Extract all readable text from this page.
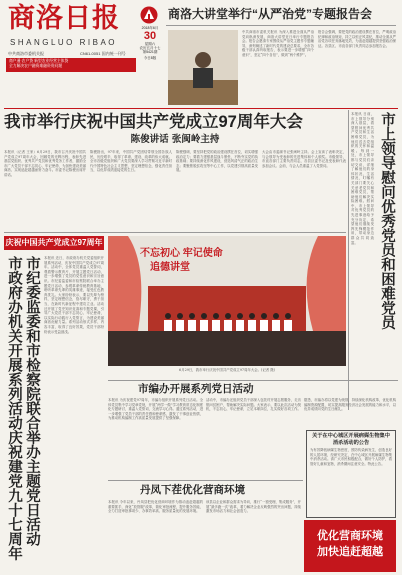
商洛日报
SHANGLUO RIBAO
2018年6月
30
星期六
农历五月十七
第5421期
今日8版
中共商洛市委机关报	CN61-0051 国内统一刊号
商户通·农户贷 新型农业经营主体贷
全力解决农户融资难融资贵问题
商洛大讲堂举行“从严治党”专题报告会
中共商洛市委机关报讯 为深入推进全面从严治党向纵深发展，商洛大讲堂近日举行专题报告会。报告会邀请专家围绕从严治党主题作专题辅导，深刻阐述了新时代党的建设总要求，全市各级干部认真听取报告，表示要进一步增强“四个意识”，坚定“四个自信”，做到“两个维护”。
报告会强调，要把党的政治建设摆在首位，严明政治纪律和政治规矩，持之以恒正风肃纪，推动全面从严治党各项任务落地见效，为追赶超越提供坚强政治保证。各县区、市直各部门负责同志参加报告会。
我市举行庆祝中国共产党成立97周年大会
陈俊讲话 张闽岭主持
本报讯（记者 王家）6月29日，我市召开庆祝中国共产党成立97周年大会，回顾党的光辉历程，表彰先进基层党组织、优秀共产党员和优秀党务工作者，激励全市广大党员干部不忘初心、牢记使命，为加快建设美丽商洛、实现追赶超越而努力奋斗。市委书记陈俊出席并讲话。
陈俊指出，97年来，中国共产党团结带领全国各族人民，历经艰辛，取得了革命、建设、改革的伟大成就。全市各级党组织和广大党员要深入学习贯彻习近平新时代中国特色社会主义思想，坚定理想信念，强化责任担当，以优异成绩迎接党的生日。
陈俊强调，要坚持把党的政治建设摆在首位，切实增强政治定力；要着力建强基层战斗堡垒，不断夯实党的执政基础；要持续深化作风建设，营造风清气正的政治生态；要聚焦脱贫攻坚等中心工作，以党建引领高质量发展。
大会由市委副书记张闽岭主持。会上宣读了表彰决定，与会领导为受表彰的先进集体和个人颁奖。市级领导，市直各部门主要负责同志，各县区委书记及受表彰代表参加会议。会前，与会人员重温了入党誓词。	市上领导慰问优秀党员和困难党员
本报讯 日前，市上领导分别深入基层，看望慰问优秀共产党员和生活困难党员，为他们送去党组织的关怀和温暖。每到一处，市上领导都与党员们亲切交谈，详细了解他们的身体状况、生活情况，叮嘱有关部门要关心关爱老党员和困难党员，帮助他们解决实际困难。慰问中，市上领导对优秀党员的先进事迹给予充分肯定，希望他们继续发挥先锋模范作用，带动身边群众共同致富。
庆祝中国共产党成立97周年
市政府办机关开展系列活动庆祝建党九十七周年 市纪委监委和市检察院联合举办主题党日活动 本报讯 近日，市政府办机关党委组织开展系列活动，庆祝中国共产党成立97周年。活动中，全体党员重温入党誓词，观看警示教育片，开展主题党日活动，进一步增强了党员的党性意识和宗旨意识。市纪委监委和市检察院联合举办主题党日活动，参观革命传统教育基地，聆听革命先辈的英雄事迹，接受红色教育洗礼。大家纷纷表示，要以先辈为榜样，坚定理想信念，恪尽职守，勇于担当，在新时代新征程中建功立业。活动还开展了党史知识竞赛和专题党课，引导广大党员干部不忘初心、牢记使命，以实际行动践行入党誓言，为建设美丽商洛贡献力量。系列活动形式多样、内容丰富，取得了良好效果，党员干部纷纷表示受益匪浅。
不忘初心 牢记使命
追德讲堂
6月29日，我市举行庆祝中国共产党成立97周年大会。(记者 摄)
市编办开展系列党日活动
本报讯 为庆祝建党97周年，市编办组织开展系列党日活动。全体党员集中学习党章党规，开展“两学一做”学习教育常态化制度化专题研讨，重温入党誓词，交流学习心得。通过系列活动，进一步增强了党员干部的责任感和使命感，激发了干事创业热情，为推动机构编制工作高质量发展提供了坚强保障。
活动中，市编办还组织党员干部深入包扶村开展志愿服务，走访慰问贫困户，帮助解决实际问题。大家表示，要以此次活动为契机，不忘初心，牢记使命，立足本职岗位，扎实做好各项工作。
据悉，市编办将以党建为统领，持续深化机构改革，优化机构编制资源配置，切实提高服务经济社会发展的能力和水平，以优异成绩向党的生日献礼。
丹凤下茬优化营商环境
本报讯 今年以来，丹凤县把优化营商环境作为推动追赶超越的重要抓手，深化“放管服”改革，简化审批流程，提升服务效能，全力打造审批事项少、办事效率高、服务质量优的发展环境。
该县以企业和群众需求为导向，推行“一窗受理、集成服务”，开展“最多跑一次”改革，着力解决企业反映强烈的突出问题，持续激发市场活力和社会创造力。
优化营商环境
加快追赶超越
关于在中心城区开展病媒生物集中消杀活动的公告
为有效降低病媒生物密度，预防传染病发生，创造良好的人居环境，经研究决定，在中心城区开展病媒生物集中消杀活动。请广大市民积极配合，做好个人防护，看管好儿童和宠物，消杀期间注意安全。特此公告。
